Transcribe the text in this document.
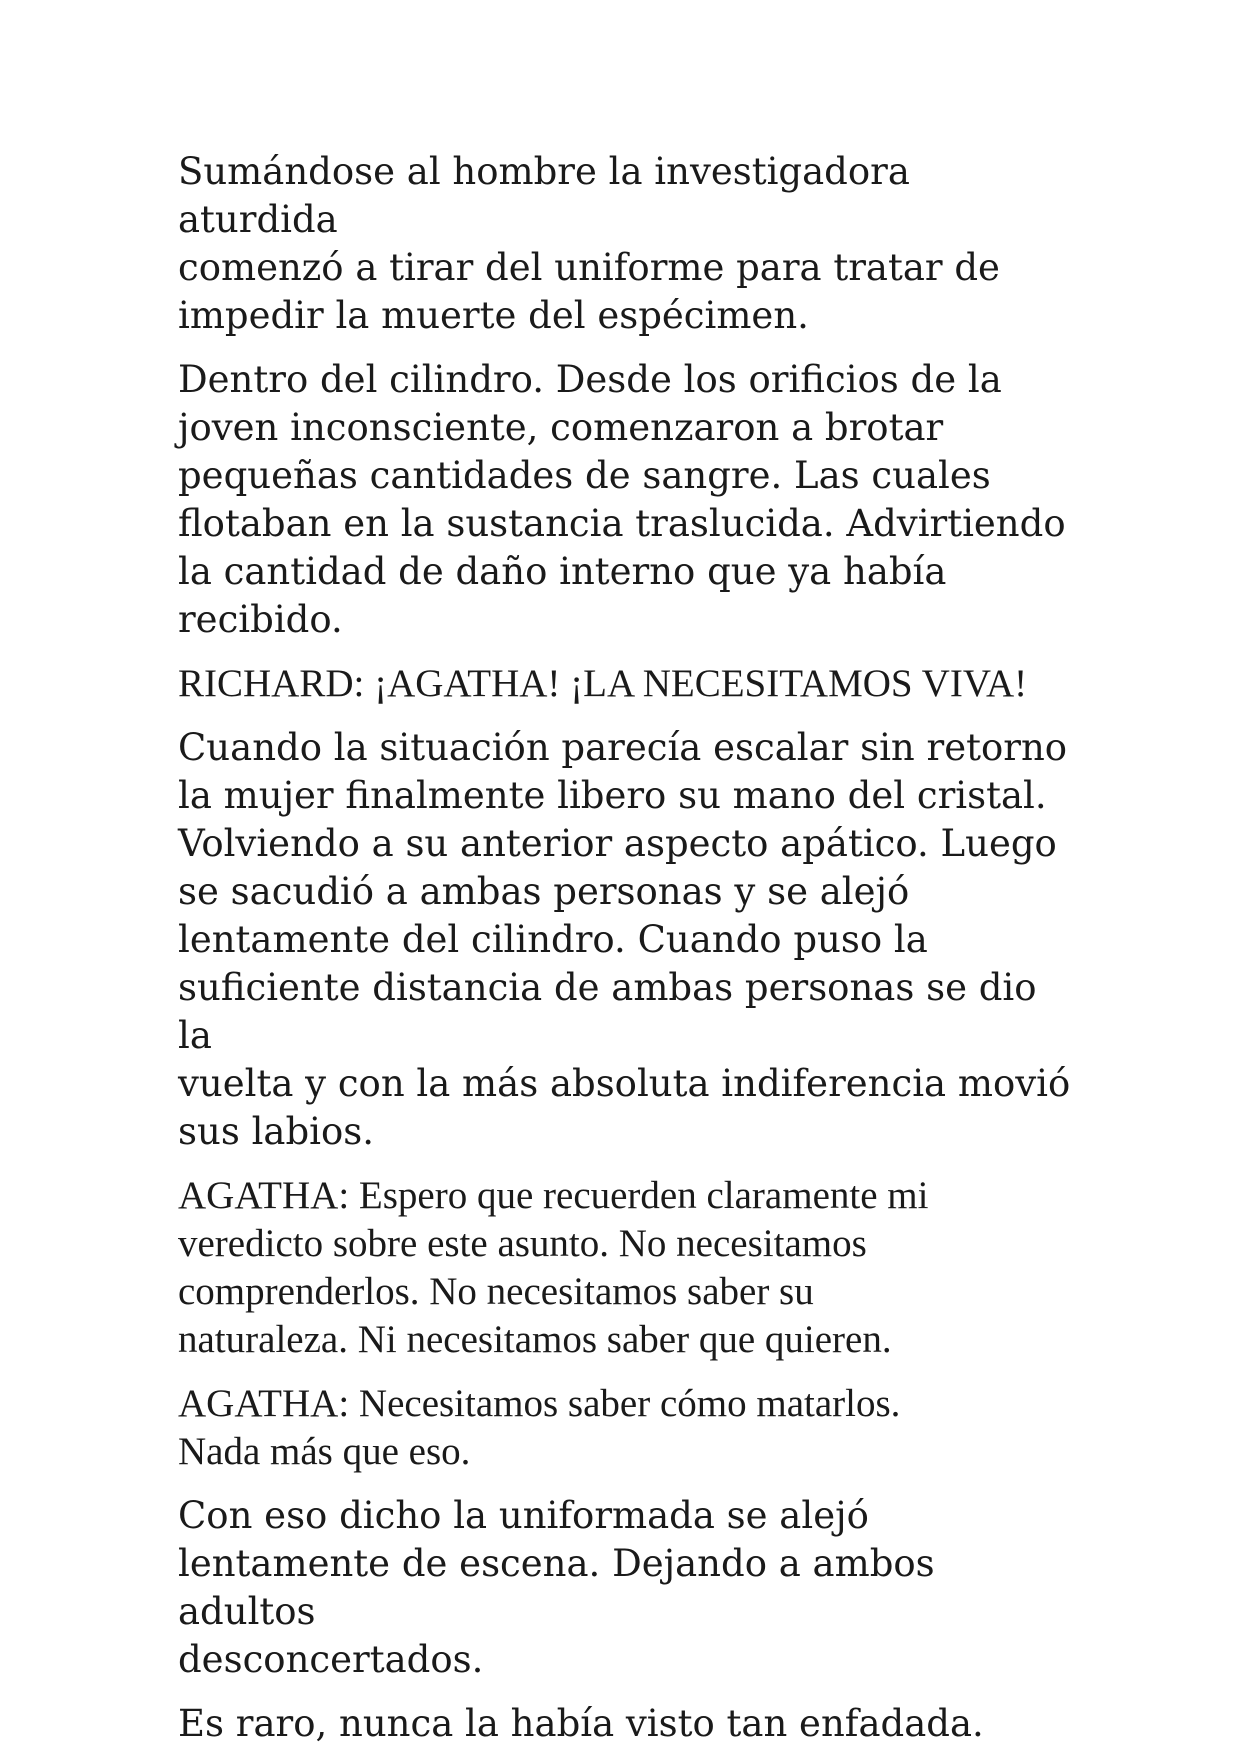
Sumándose al hombre la investigadora aturdida
comenzó a tirar del uniforme para tratar de
impedir la muerte del espécimen.

Dentro del cilindro. Desde los orificios de la
joven inconsciente, comenzaron a brotar
pequeñas cantidades de sangre. Las cuales
flotaban en la sustancia traslucida. Advirtiendo
la cantidad de daño interno que ya había
recibido.

RICHARD: ¡AGATHA! ¡LA NECESITAMOS VIVA!

Cuando la situación parecía escalar sin retorno
la mujer finalmente libero su mano del cristal.
Volviendo a su anterior aspecto apático. Luego
se sacudió a ambas personas y se alejó
lentamente del cilindro. Cuando puso la
suficiente distancia de ambas personas se dio la
vuelta y con la más absoluta indiferencia movió
sus labios.

AGATHA: Espero que recuerden claramente mi
veredicto sobre este asunto. No necesitamos
comprenderlos. No necesitamos saber su
naturaleza. Ni necesitamos saber que quieren.

AGATHA: Necesitamos saber cómo matarlos.
Nada más que eso.

Con eso dicho la uniformada se alejó
lentamente de escena. Dejando a ambos adultos
desconcertados.

Es raro, nunca la había visto tan enfadada.
